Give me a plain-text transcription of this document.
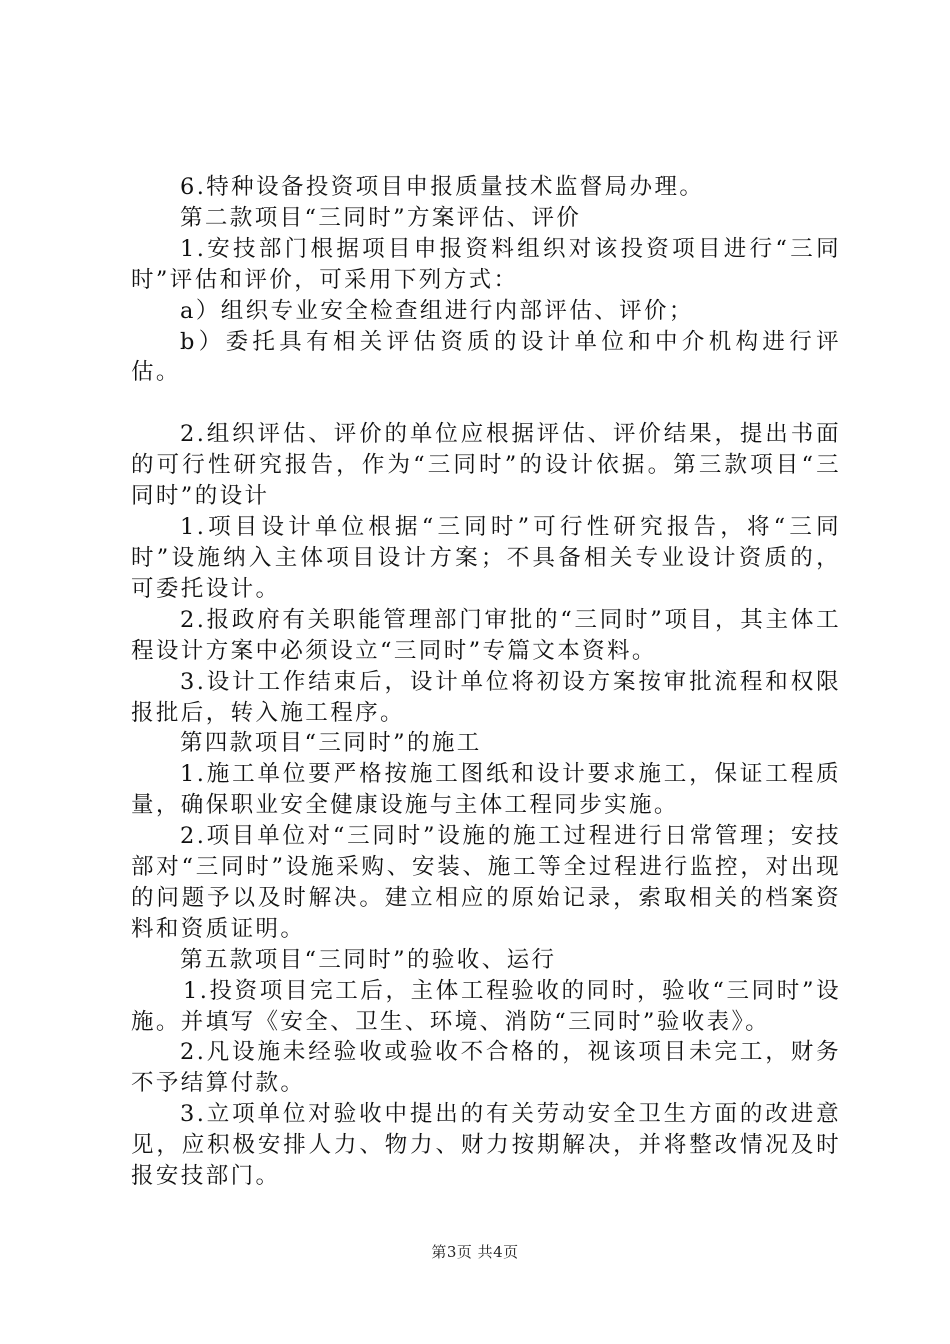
6.特种设备投资项目申报质量技术监督局办理。

第二款项目“三同时”方案评估、评价

1.安技部门根据项目申报资料组织对该投资项目进行“三同时”评估和评价，可采用下列方式：

a）组织专业安全检查组进行内部评估、评价；

b）委托具有相关评估资质的设计单位和中介机构进行评估。

2.组织评估、评价的单位应根据评估、评价结果，提出书面的可行性研究报告，作为“三同时”的设计依据。第三款项目“三同时”的设计

1.项目设计单位根据“三同时”可行性研究报告，将“三同时”设施纳入主体项目设计方案；不具备相关专业设计资质的，可委托设计。

2.报政府有关职能管理部门审批的“三同时”项目，其主体工程设计方案中必须设立“三同时”专篇文本资料。

3.设计工作结束后，设计单位将初设方案按审批流程和权限报批后，转入施工程序。

第四款项目“三同时”的施工

1.施工单位要严格按施工图纸和设计要求施工，保证工程质量，确保职业安全健康设施与主体工程同步实施。

2.项目单位对“三同时”设施的施工过程进行日常管理；安技部对“三同时”设施采购、安装、施工等全过程进行监控，对出现的问题予以及时解决。建立相应的原始记录，索取相关的档案资料和资质证明。

第五款项目“三同时”的验收、运行

1.投资项目完工后，主体工程验收的同时，验收“三同时”设施。并填写《安全、卫生、环境、消防“三同时”验收表》。

2.凡设施未经验收或验收不合格的，视该项目未完工，财务不予结算付款。

3.立项单位对验收中提出的有关劳动安全卫生方面的改进意见，应积极安排人力、物力、财力按期解决，并将整改情况及时报安技部门。

第3页 共4页
